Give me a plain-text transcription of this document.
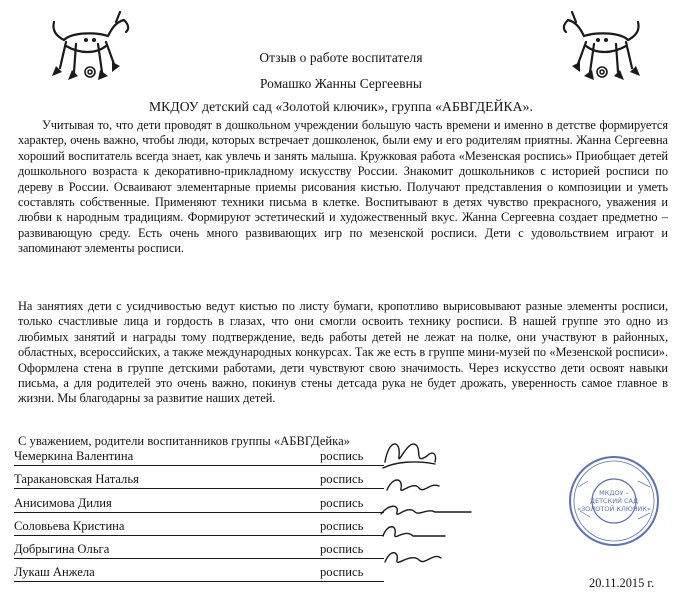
Отзыв о работе воспитателя
Ромашко Жанны Сергеевны
МКДОУ детский сад «Золотой ключик», группа «АБВГДЕЙКА».

Учитывая то, что дети проводят в дошкольном учреждении большую часть времени и именно в детстве формируется характер, очень важно, чтобы люди, которых встречает дошколенок, были ему и его родителям приятны. Жанна Сергеевна хороший воспитатель всегда знает, как увлечь и занять малыша. Кружковая работа «Мезенская роспись» Приобщает детей дошкольного возраста к декоративно-прикладному искусству России. Знакомит дошкольников с историей росписи по дереву в России. Осваивают элементарные приемы рисования кистью. Получают представления о композиции и уметь составлять собственные. Применяют техники письма в клетке. Воспитывают в детях чувство прекрасного, уважения и любви к народным традициям. Формируют эстетический и художественный вкус. Жанна Сергеевна создает предметно – развивающую среду. Есть очень много развивающих игр по мезенской росписи. Дети с удовольствием играют и запоминают элементы росписи.

На занятиях дети с усидчивостью ведут кистью по листу бумаги, кропотливо вырисовывают разные элементы росписи, только счастливые лица и гордость в глазах, что они смогли освоить технику росписи. В нашей группе это одно из любимых занятий и награды тому подтверждение, ведь работы детей не лежат на полке, они участвуют в районных, областных, всероссийских, а также международных конкурсах. Так же есть в группе мини-музей по «Мезенской росписи». Оформлена стена в группе детскими работами, дети чувствуют свою значимость. Через искусство дети освоят навыки письма, а для родителей это очень важно, покинув стены детсада рука не будет дрожать, уверенность самое главное в жизни. Мы благодарны за развитие наших детей.

С уважением, родители воспитанников группы «АБВГДейка»
Чемеркина Валентина	роспись
Таракановская Наталья	роспись
Анисимова Дилия	роспись
Соловьева Кристина	роспись
Добрыгина Ольга	роспись
Лукаш Анжела	роспись
МКДОУ –
ДЕТСКИЙ САД
«ЗОЛОТОЙ КЛЮЧИК»
20.11.2015 г.
